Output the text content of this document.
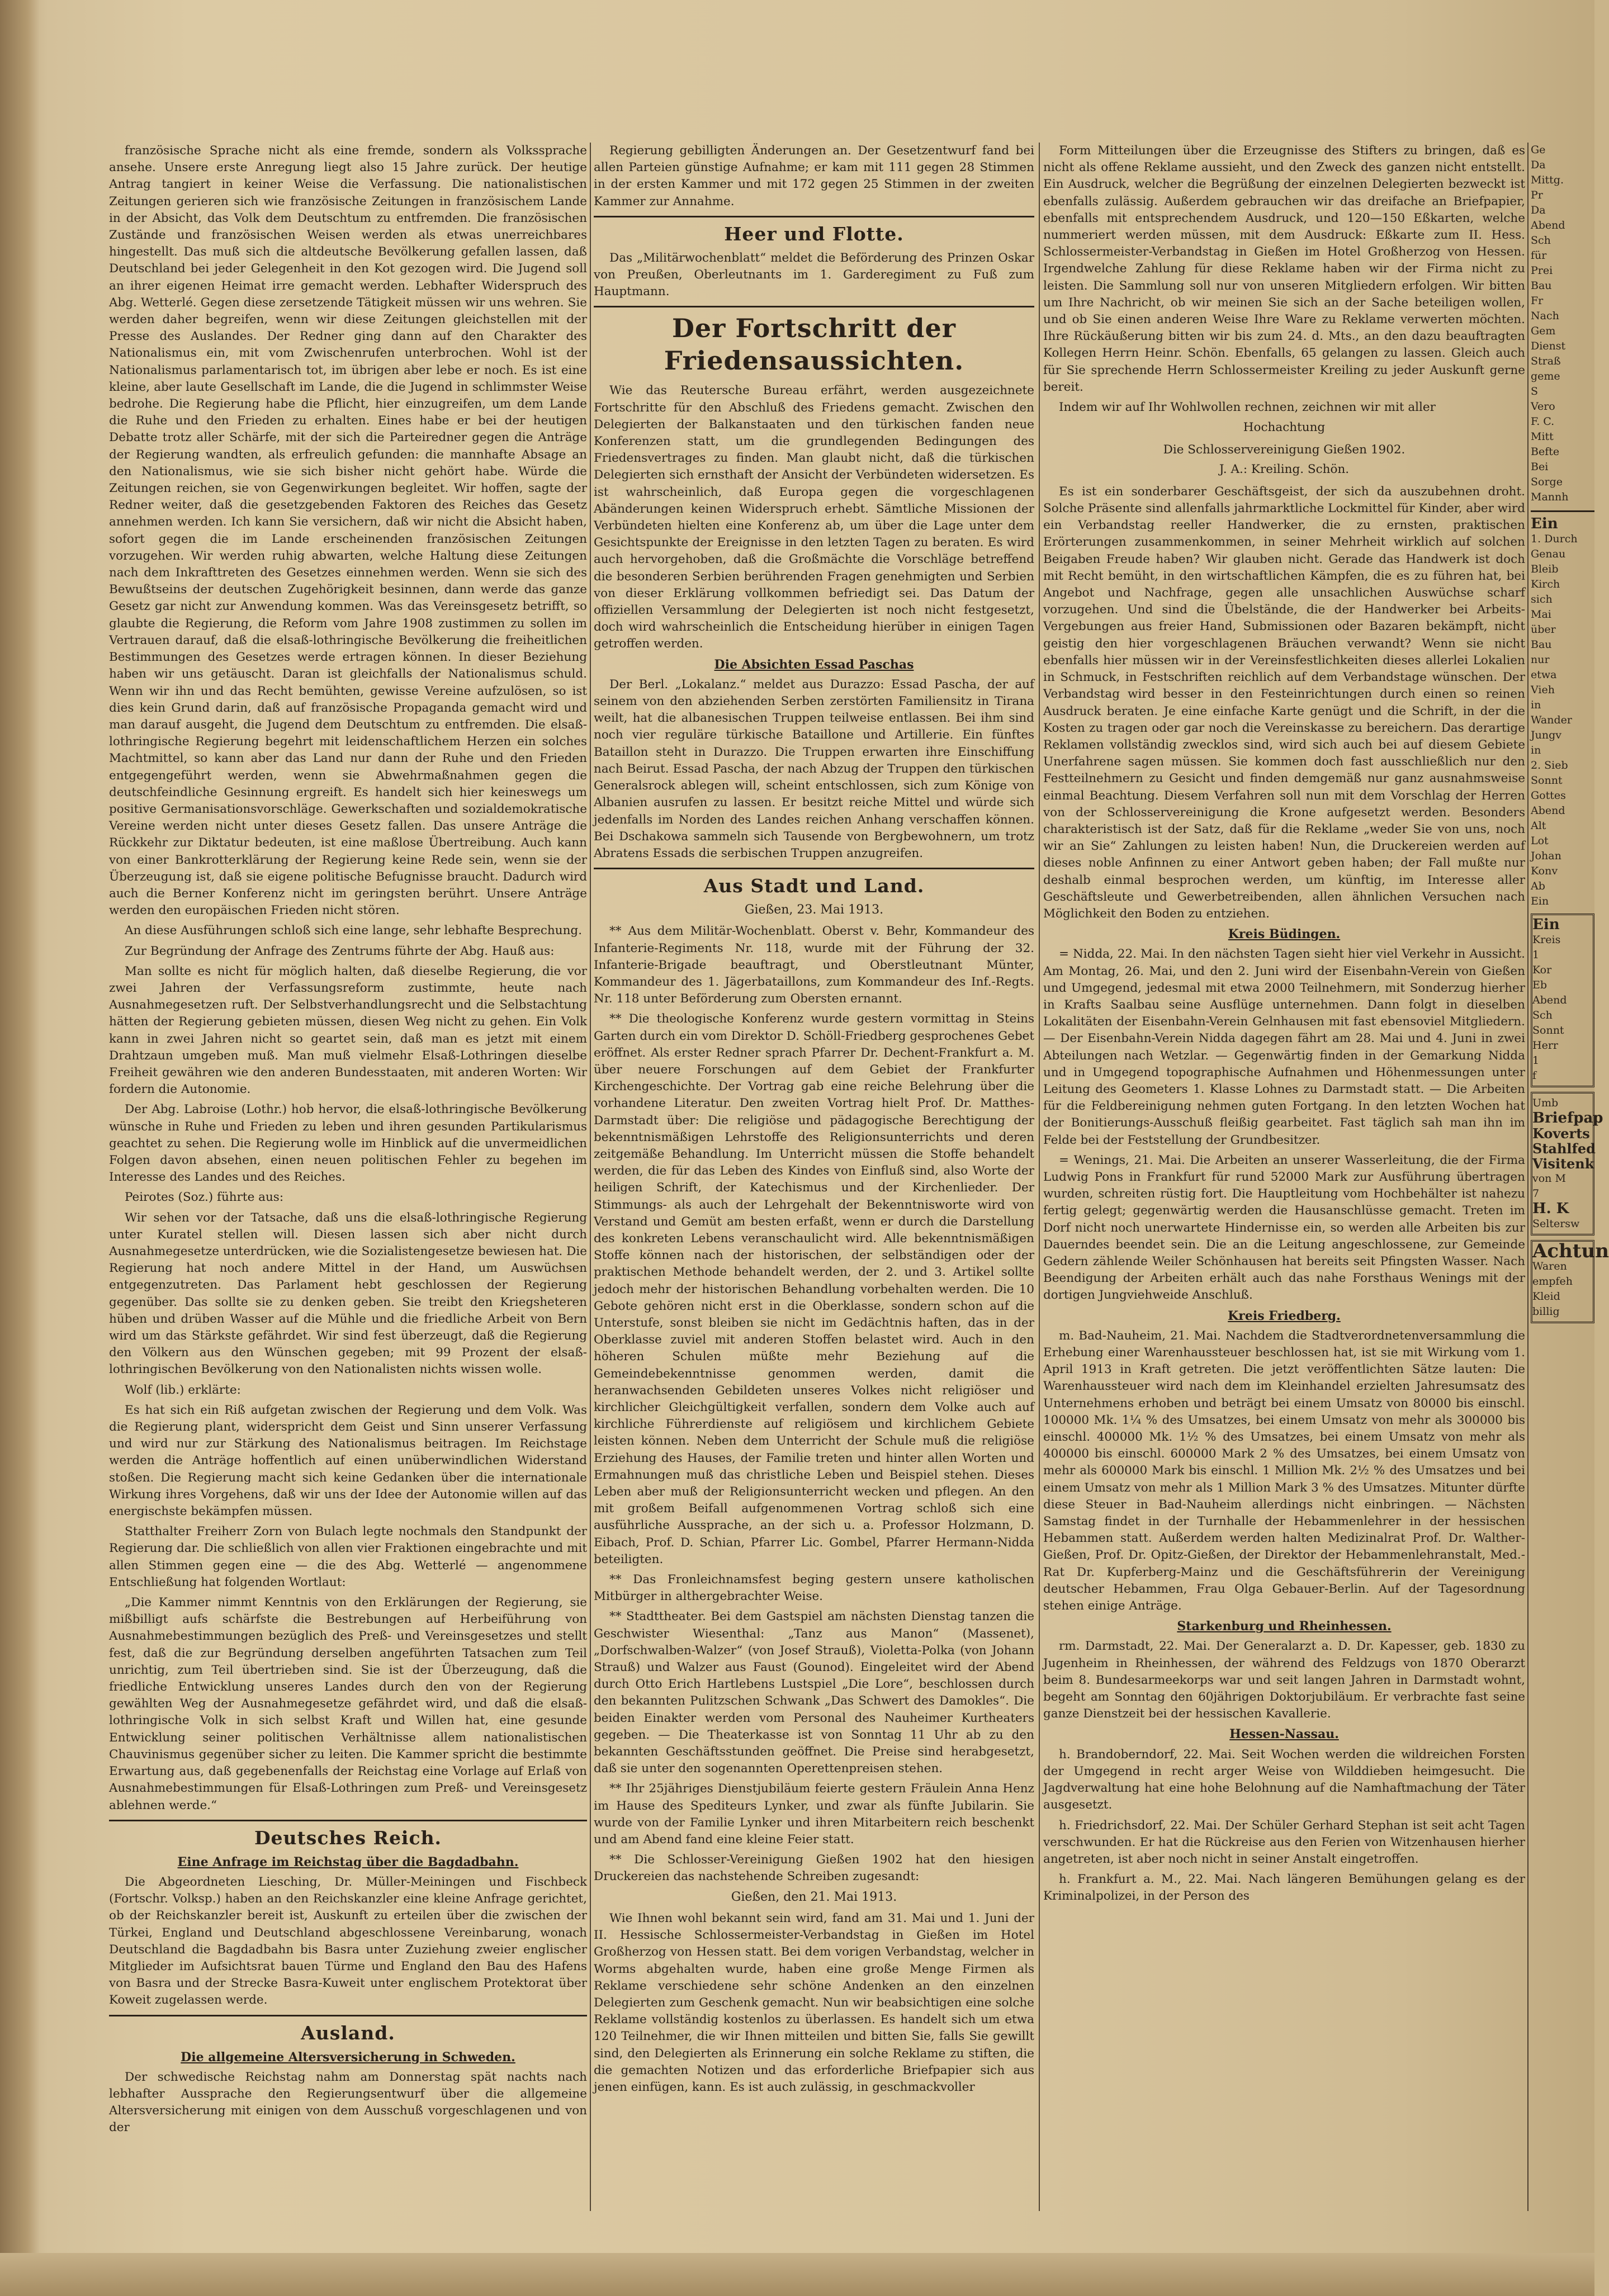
französische Sprache nicht als eine fremde, sondern als Volkssprache ansehe. Unsere erste Anregung liegt also 15 Jahre zurück. Der heutige Antrag tangiert in keiner Weise die Verfassung. Die nationalistischen Zeitungen gerieren sich wie französische Zeitungen in französischem Lande in der Absicht, das Volk dem Deutschtum zu entfremden. Die französischen Zustände und französischen Weisen werden als etwas unerreichbares hingestellt. Das muß sich die altdeutsche Bevölkerung gefallen lassen, daß Deutschland bei jeder Gelegenheit in den Kot gezogen wird. Die Jugend soll an ihrer eigenen Heimat irre gemacht werden. Lebhafter Widerspruch des Abg. Wetterlé. Gegen diese zersetzende Tätigkeit müssen wir uns wehren. Sie werden daher begreifen, wenn wir diese Zeitungen gleichstellen mit der Presse des Auslandes. Der Redner ging dann auf den Charakter des Nationalismus ein, mit vom Zwischenrufen unterbrochen. Wohl ist der Nationalismus parlamentarisch tot, im übrigen aber lebe er noch. Es ist eine kleine, aber laute Gesellschaft im Lande, die die Jugend in schlimmster Weise bedrohe. Die Regierung habe die Pflicht, hier einzugreifen, um dem Lande die Ruhe und den Frieden zu erhalten. Eines habe er bei der heutigen Debatte trotz aller Schärfe, mit der sich die Parteiredner gegen die Anträge der Regierung wandten, als erfreulich gefunden: die mannhafte Absage an den Nationalismus, wie sie sich bisher nicht gehört habe. Würde die Zeitungen reichen, sie von Gegenwirkungen begleitet. Wir hoffen, sagte der Redner weiter, daß die gesetzgebenden Faktoren des Reiches das Gesetz annehmen werden. Ich kann Sie versichern, daß wir nicht die Absicht haben, sofort gegen die im Lande erscheinenden französischen Zeitungen vorzugehen. Wir werden ruhig abwarten, welche Haltung diese Zeitungen nach dem Inkrafttreten des Gesetzes einnehmen werden. Wenn sie sich des Bewußtseins der deutschen Zugehörigkeit besinnen, dann werde das ganze Gesetz gar nicht zur Anwendung kommen. Was das Vereinsgesetz betrifft, so glaubte die Regierung, die Reform vom Jahre 1908 zustimmen zu sollen im Vertrauen darauf, daß die elsaß-lothringische Bevölkerung die freiheitlichen Bestimmungen des Gesetzes werde ertragen können. In dieser Beziehung haben wir uns getäuscht. Daran ist gleichfalls der Nationalismus schuld. Wenn wir ihn und das Recht bemühten, gewisse Vereine aufzulösen, so ist dies kein Grund darin, daß auf französische Propaganda gemacht wird und man darauf ausgeht, die Jugend dem Deutschtum zu entfremden. Die elsaß-lothringische Regierung begehrt mit leidenschaftlichem Herzen ein solches Machtmittel, so kann aber das Land nur dann der Ruhe und den Frieden entgegengeführt werden, wenn sie Abwehrmaßnahmen gegen die deutschfeindliche Gesinnung ergreift. Es handelt sich hier keineswegs um positive Germanisationsvorschläge. Gewerkschaften und sozialdemokratische Vereine werden nicht unter dieses Gesetz fallen. Das unsere Anträge die Rückkehr zur Diktatur bedeuten, ist eine maßlose Übertreibung. Auch kann von einer Bankrotterklärung der Regierung keine Rede sein, wenn sie der Überzeugung ist, daß sie eigene politische Befugnisse braucht. Dadurch wird auch die Berner Konferenz nicht im geringsten berührt. Unsere Anträge werden den europäischen Frieden nicht stören.

An diese Ausführungen schloß sich eine lange, sehr lebhafte Besprechung.

Zur Begründung der Anfrage des Zentrums führte der Abg. Hauß aus:

Man sollte es nicht für möglich halten, daß dieselbe Regierung, die vor zwei Jahren der Verfassungsreform zustimmte, heute nach Ausnahmegesetzen ruft. Der Selbstverhandlungsrecht und die Selbstachtung hätten der Regierung gebieten müssen, diesen Weg nicht zu gehen. Ein Volk kann in zwei Jahren nicht so geartet sein, daß man es jetzt mit einem Drahtzaun umgeben muß. Man muß vielmehr Elsaß-Lothringen dieselbe Freiheit gewähren wie den anderen Bundesstaaten, mit anderen Worten: Wir fordern die Autonomie.

Der Abg. Labroise (Lothr.) hob hervor, die elsaß-lothringische Bevölkerung wünsche in Ruhe und Frieden zu leben und ihren gesunden Partikularismus geachtet zu sehen. Die Regierung wolle im Hinblick auf die unvermeidlichen Folgen davon absehen, einen neuen politischen Fehler zu begehen im Interesse des Landes und des Reiches.

Peirotes (Soz.) führte aus:

Wir sehen vor der Tatsache, daß uns die elsaß-lothringische Regierung unter Kuratel stellen will. Diesen lassen sich aber nicht durch Ausnahmegesetze unterdrücken, wie die Sozialistengesetze bewiesen hat. Die Regierung hat noch andere Mittel in der Hand, um Auswüchsen entgegenzutreten. Das Parlament hebt geschlossen der Regierung gegenüber. Das sollte sie zu denken geben. Sie treibt den Kriegsheteren hüben und drüben Wasser auf die Mühle und die friedliche Arbeit von Bern wird um das Stärkste gefährdet. Wir sind fest überzeugt, daß die Regierung den Völkern aus den Wünschen gegeben; mit 99 Prozent der elsaß-lothringischen Bevölkerung von den Nationalisten nichts wissen wolle.

Wolf (lib.) erklärte:

Es hat sich ein Riß aufgetan zwischen der Regierung und dem Volk. Was die Regierung plant, widerspricht dem Geist und Sinn unserer Verfassung und wird nur zur Stärkung des Nationalismus beitragen. Im Reichstage werden die Anträge hoffentlich auf einen unüberwindlichen Widerstand stoßen. Die Regierung macht sich keine Gedanken über die internationale Wirkung ihres Vorgehens, daß wir uns der Idee der Autonomie willen auf das energischste bekämpfen müssen.

Statthalter Freiherr Zorn von Bulach legte nochmals den Standpunkt der Regierung dar. Die schließlich von allen vier Fraktionen eingebrachte und mit allen Stimmen gegen eine — die des Abg. Wetterlé — angenommene Entschließung hat folgenden Wortlaut:

„Die Kammer nimmt Kenntnis von den Erklärungen der Regierung, sie mißbilligt aufs schärfste die Bestrebungen auf Herbeiführung von Ausnahmebestimmungen bezüglich des Preß- und Vereinsgesetzes und stellt fest, daß die zur Begründung derselben angeführten Tatsachen zum Teil unrichtig, zum Teil übertrieben sind. Sie ist der Überzeugung, daß die friedliche Entwicklung unseres Landes durch den von der Regierung gewählten Weg der Ausnahmegesetze gefährdet wird, und daß die elsaß-lothringische Volk in sich selbst Kraft und Willen hat, eine gesunde Entwicklung seiner politischen Verhältnisse allem nationalistischen Chauvinismus gegenüber sicher zu leiten. Die Kammer spricht die bestimmte Erwartung aus, daß gegebenenfalls der Reichstag eine Vorlage auf Erlaß von Ausnahmebestimmungen für Elsaß-Lothringen zum Preß- und Vereinsgesetz ablehnen werde.“

Deutsches Reich.
Eine Anfrage im Reichstag über die Bagdadbahn.

Die Abgeordneten Liesching, Dr. Müller-Meiningen und Fischbeck (Fortschr. Volksp.) haben an den Reichskanzler eine kleine Anfrage gerichtet, ob der Reichskanzler bereit ist, Auskunft zu erteilen über die zwischen der Türkei, England und Deutschland abgeschlossene Vereinbarung, wonach Deutschland die Bagdadbahn bis Basra unter Zuziehung zweier englischer Mitglieder im Aufsichtsrat bauen Türme und England den Bau des Hafens von Basra und der Strecke Basra-Kuweit unter englischem Protektorat über Koweit zugelassen werde.

Ausland.
Die allgemeine Altersversicherung in Schweden.

Der schwedische Reichstag nahm am Donnerstag spät nachts nach lebhafter Aussprache den Regierungsentwurf über die allgemeine Altersversicherung mit einigen von dem Ausschuß vorgeschlagenen und von der

Regierung gebilligten Änderungen an. Der Gesetzentwurf fand bei allen Parteien günstige Aufnahme; er kam mit 111 gegen 28 Stimmen in der ersten Kammer und mit 172 gegen 25 Stimmen in der zweiten Kammer zur Annahme.

Heer und Flotte.

Das „Militärwochenblatt“ meldet die Beförderung des Prinzen Oskar von Preußen, Oberleutnants im 1. Garderegiment zu Fuß zum Hauptmann.

Der Fortschritt der Friedensaussichten.

Wie das Reutersche Bureau erfährt, werden ausgezeichnete Fortschritte für den Abschluß des Friedens gemacht. Zwischen den Delegierten der Balkanstaaten und den türkischen fanden neue Konferenzen statt, um die grundlegenden Bedingungen des Friedensvertrages zu finden. Man glaubt nicht, daß die türkischen Delegierten sich ernsthaft der Ansicht der Verbündeten widersetzen. Es ist wahrscheinlich, daß Europa gegen die vorgeschlagenen Abänderungen keinen Widerspruch erhebt. Sämtliche Missionen der Verbündeten hielten eine Konferenz ab, um über die Lage unter dem Gesichtspunkte der Ereignisse in den letzten Tagen zu beraten. Es wird auch hervorgehoben, daß die Großmächte die Vorschläge betreffend die besonderen Serbien berührenden Fragen genehmigten und Serbien von dieser Erklärung vollkommen befriedigt sei. Das Datum der offiziellen Versammlung der Delegierten ist noch nicht festgesetzt, doch wird wahrscheinlich die Entscheidung hierüber in einigen Tagen getroffen werden.

Die Absichten Essad Paschas

Der Berl. „Lokalanz.“ meldet aus Durazzo: Essad Pascha, der auf seinem von den abziehenden Serben zerstörten Familiensitz in Tirana weilt, hat die albanesischen Truppen teilweise entlassen. Bei ihm sind noch vier reguläre türkische Bataillone und Artillerie. Ein fünftes Bataillon steht in Durazzo. Die Truppen erwarten ihre Einschiffung nach Beirut. Essad Pascha, der nach Abzug der Truppen den türkischen Generalsrock ablegen will, scheint entschlossen, sich zum Könige von Albanien ausrufen zu lassen. Er besitzt reiche Mittel und würde sich jedenfalls im Norden des Landes reichen Anhang verschaffen können. Bei Dschakowa sammeln sich Tausende von Bergbewohnern, um trotz Abratens Essads die serbischen Truppen anzugreifen.

Aus Stadt und Land.
Gießen, 23. Mai 1913.

** Aus dem Militär-Wochenblatt. Oberst v. Behr, Kommandeur des Infanterie-Regiments Nr. 118, wurde mit der Führung der 32. Infanterie-Brigade beauftragt, und Oberstleutnant Münter, Kommandeur des 1. Jägerbataillons, zum Kommandeur des Inf.-Regts. Nr. 118 unter Beförderung zum Obersten ernannt.

** Die theologische Konferenz wurde gestern vormittag in Steins Garten durch ein vom Direktor D. Schöll-Friedberg gesprochenes Gebet eröffnet. Als erster Redner sprach Pfarrer Dr. Dechent-Frankfurt a. M. über neuere Forschungen auf dem Gebiet der Frankfurter Kirchengeschichte. Der Vortrag gab eine reiche Belehrung über die vorhandene Literatur. Den zweiten Vortrag hielt Prof. Dr. Matthes-Darmstadt über: Die religiöse und pädagogische Berechtigung der bekenntnismäßigen Lehrstoffe des Religionsunterrichts und deren zeitgemäße Behandlung. Im Unterricht müssen die Stoffe behandelt werden, die für das Leben des Kindes von Einfluß sind, also Worte der heiligen Schrift, der Katechismus und der Kirchenlieder. Der Stimmungs- als auch der Lehrgehalt der Bekenntnisworte wird von Verstand und Gemüt am besten erfaßt, wenn er durch die Darstellung des konkreten Lebens veranschaulicht wird. Alle bekenntnismäßigen Stoffe können nach der historischen, der selbständigen oder der praktischen Methode behandelt werden, der 2. und 3. Artikel sollte jedoch mehr der historischen Behandlung vorbehalten werden. Die 10 Gebote gehören nicht erst in die Oberklasse, sondern schon auf die Unterstufe, sonst bleiben sie nicht im Gedächtnis haften, das in der Oberklasse zuviel mit anderen Stoffen belastet wird. Auch in den höheren Schulen müßte mehr Beziehung auf die Gemeindebekenntnisse genommen werden, damit die heranwachsenden Gebildeten unseres Volkes nicht religiöser und kirchlicher Gleichgültigkeit verfallen, sondern dem Volke auch auf kirchliche Führerdienste auf religiösem und kirchlichem Gebiete leisten können. Neben dem Unterricht der Schule muß die religiöse Erziehung des Hauses, der Familie treten und hinter allen Worten und Ermahnungen muß das christliche Leben und Beispiel stehen. Dieses Leben aber muß der Religionsunterricht wecken und pflegen. An den mit großem Beifall aufgenommenen Vortrag schloß sich eine ausführliche Aussprache, an der sich u. a. Professor Holzmann, D. Eibach, Prof. D. Schian, Pfarrer Lic. Gombel, Pfarrer Hermann-Nidda beteiligten.

** Das Fronleichnamsfest beging gestern unsere katholischen Mitbürger in althergebrachter Weise.

** Stadttheater. Bei dem Gastspiel am nächsten Dienstag tanzen die Geschwister Wiesenthal: „Tanz aus Manon“ (Massenet), „Dorfschwalben-Walzer“ (von Josef Strauß), Violetta-Polka (von Johann Strauß) und Walzer aus Faust (Gounod). Eingeleitet wird der Abend durch Otto Erich Hartlebens Lustspiel „Die Lore“, beschlossen durch den bekannten Pulitzschen Schwank „Das Schwert des Damokles“. Die beiden Einakter werden vom Personal des Nauheimer Kurtheaters gegeben. — Die Theaterkasse ist von Sonntag 11 Uhr ab zu den bekannten Geschäftsstunden geöffnet. Die Preise sind herabgesetzt, daß sie unter den sogenannten Operettenpreisen stehen.

** Ihr 25jähriges Dienstjubiläum feierte gestern Fräulein Anna Henz im Hause des Spediteurs Lynker, und zwar als fünfte Jubilarin. Sie wurde von der Familie Lynker und ihren Mitarbeitern reich beschenkt und am Abend fand eine kleine Feier statt.

** Die Schlosser-Vereinigung Gießen 1902 hat den hiesigen Druckereien das nachstehende Schreiben zugesandt:

Gießen, den 21. Mai 1913.

Wie Ihnen wohl bekannt sein wird, fand am 31. Mai und 1. Juni der II. Hessische Schlossermeister-Verbandstag in Gießen im Hotel Großherzog von Hessen statt. Bei dem vorigen Verbandstag, welcher in Worms abgehalten wurde, haben eine große Menge Firmen als Reklame verschiedene sehr schöne Andenken an den einzelnen Delegierten zum Geschenk gemacht. Nun wir beabsichtigen eine solche Reklame vollständig kostenlos zu überlassen. Es handelt sich um etwa 120 Teilnehmer, die wir Ihnen mitteilen und bitten Sie, falls Sie gewillt sind, den Delegierten als Erinnerung ein solche Reklame zu stiften, die die gemachten Notizen und das erforderliche Briefpapier sich aus jenen einfügen, kann. Es ist auch zulässig, in geschmackvoller

Form Mitteilungen über die Erzeugnisse des Stifters zu bringen, daß es nicht als offene Reklame aussieht, und den Zweck des ganzen nicht entstellt. Ein Ausdruck, welcher die Begrüßung der einzelnen Delegierten bezweckt ist ebenfalls zulässig. Außerdem gebrauchen wir das dreifache an Briefpapier, ebenfalls mit entsprechendem Ausdruck, und 120—150 Eßkarten, welche nummeriert werden müssen, mit dem Ausdruck: Eßkarte zum II. Hess. Schlossermeister-Verbandstag in Gießen im Hotel Großherzog von Hessen. Irgendwelche Zahlung für diese Reklame haben wir der Firma nicht zu leisten. Die Sammlung soll nur von unseren Mitgliedern erfolgen. Wir bitten um Ihre Nachricht, ob wir meinen Sie sich an der Sache beteiligen wollen, und ob Sie einen anderen Weise Ihre Ware zu Reklame verwerten möchten. Ihre Rückäußerung bitten wir bis zum 24. d. Mts., an den dazu beauftragten Kollegen Herrn Heinr. Schön. Ebenfalls, 65 gelangen zu lassen. Gleich auch für Sie sprechende Herrn Schlossermeister Kreiling zu jeder Auskunft gerne bereit.

Indem wir auf Ihr Wohlwollen rechnen, zeichnen wir mit aller

Hochachtung
Die Schlosservereinigung Gießen 1902.
J. A.: Kreiling. Schön.

Es ist ein sonderbarer Geschäftsgeist, der sich da auszubehnen droht. Solche Präsente sind allenfalls jahrmarktliche Lockmittel für Kinder, aber wird ein Verbandstag reeller Handwerker, die zu ernsten, praktischen Erörterungen zusammenkommen, in seiner Mehrheit wirklich auf solchen Beigaben Freude haben? Wir glauben nicht. Gerade das Handwerk ist doch mit Recht bemüht, in den wirtschaftlichen Kämpfen, die es zu führen hat, bei Angebot und Nachfrage, gegen alle unsachlichen Auswüchse scharf vorzugehen. Und sind die Übelstände, die der Handwerker bei Arbeits-Vergebungen aus freier Hand, Submissionen oder Bazaren bekämpft, nicht geistig den hier vorgeschlagenen Bräuchen verwandt? Wenn sie nicht ebenfalls hier müssen wir in der Vereinsfestlichkeiten dieses allerlei Lokalien in Schmuck, in Festschriften reichlich auf dem Verbandstage wünschen. Der Verbandstag wird besser in den Festeinrichtungen durch einen so reinen Ausdruck beraten. Je eine einfache Karte genügt und die Schrift, in der die Kosten zu tragen oder gar noch die Vereinskasse zu bereichern. Das derartige Reklamen vollständig zwecklos sind, wird sich auch bei auf diesem Gebiete Unerfahrene sagen müssen. Sie kommen doch fast ausschließlich nur den Festteilnehmern zu Gesicht und finden demgemäß nur ganz ausnahmsweise einmal Beachtung. Diesem Verfahren soll nun mit dem Vorschlag der Herren von der Schlosservereinigung die Krone aufgesetzt werden. Besonders charakteristisch ist der Satz, daß für die Reklame „weder Sie von uns, noch wir an Sie“ Zahlungen zu leisten haben! Nun, die Druckereien werden auf dieses noble Anfinnen zu einer Antwort geben haben; der Fall mußte nur deshalb einmal besprochen werden, um künftig, im Interesse aller Geschäftsleute und Gewerbetreibenden, allen ähnlichen Versuchen nach Möglichkeit den Boden zu entziehen.

Kreis Büdingen.

= Nidda, 22. Mai. In den nächsten Tagen sieht hier viel Verkehr in Aussicht. Am Montag, 26. Mai, und den 2. Juni wird der Eisenbahn-Verein von Gießen und Umgegend, jedesmal mit etwa 2000 Teilnehmern, mit Sonderzug hierher in Krafts Saalbau seine Ausflüge unternehmen. Dann folgt in dieselben Lokalitäten der Eisenbahn-Verein Gelnhausen mit fast ebensoviel Mitgliedern. — Der Eisenbahn-Verein Nidda dagegen fährt am 28. Mai und 4. Juni in zwei Abteilungen nach Wetzlar. — Gegenwärtig finden in der Gemarkung Nidda und in Umgegend topographische Aufnahmen und Höhenmessungen unter Leitung des Geometers 1. Klasse Lohnes zu Darmstadt statt. — Die Arbeiten für die Feldbereinigung nehmen guten Fortgang. In den letzten Wochen hat der Bonitierungs-Ausschuß fleißig gearbeitet. Fast täglich sah man ihn im Felde bei der Feststellung der Grundbesitzer.

= Wenings, 21. Mai. Die Arbeiten an unserer Wasserleitung, die der Firma Ludwig Pons in Frankfurt für rund 52000 Mark zur Ausführung übertragen wurden, schreiten rüstig fort. Die Hauptleitung vom Hochbehälter ist nahezu fertig gelegt; gegenwärtig werden die Hausanschlüsse gemacht. Treten im Dorf nicht noch unerwartete Hindernisse ein, so werden alle Arbeiten bis zur Dauerndes beendet sein. Die an die Leitung angeschlossene, zur Gemeinde Gedern zählende Weiler Schönhausen hat bereits seit Pfingsten Wasser. Nach Beendigung der Arbeiten erhält auch das nahe Forsthaus Wenings mit der dortigen Jungviehweide Anschluß.

Kreis Friedberg.

m. Bad-Nauheim, 21. Mai. Nachdem die Stadtverordnetenversammlung die Erhebung einer Warenhaussteuer beschlossen hat, ist sie mit Wirkung vom 1. April 1913 in Kraft getreten. Die jetzt veröffentlichten Sätze lauten: Die Warenhaussteuer wird nach dem im Kleinhandel erzielten Jahresumsatz des Unternehmens erhoben und beträgt bei einem Umsatz von 80000 bis einschl. 100000 Mk. 1¼ % des Umsatzes, bei einem Umsatz von mehr als 300000 bis einschl. 400000 Mk. 1½ % des Umsatzes, bei einem Umsatz von mehr als 400000 bis einschl. 600000 Mark 2 % des Umsatzes, bei einem Umsatz von mehr als 600000 Mark bis einschl. 1 Million Mk. 2½ % des Umsatzes und bei einem Umsatz von mehr als 1 Million Mark 3 % des Umsatzes. Mitunter dürfte diese Steuer in Bad-Nauheim allerdings nicht einbringen. — Nächsten Samstag findet in der Turnhalle der Hebammenlehrer in der hessischen Hebammen statt. Außerdem werden halten Medizinalrat Prof. Dr. Walther-Gießen, Prof. Dr. Opitz-Gießen, der Direktor der Hebammenlehranstalt, Med.-Rat Dr. Kupferberg-Mainz und die Geschäftsführerin der Vereinigung deutscher Hebammen, Frau Olga Gebauer-Berlin. Auf der Tagesordnung stehen einige Anträge.

Starkenburg und Rheinhessen.

rm. Darmstadt, 22. Mai. Der Generalarzt a. D. Dr. Kapesser, geb. 1830 zu Jugenheim in Rheinhessen, der während des Feldzugs von 1870 Oberarzt beim 8. Bundesarmeekorps war und seit langen Jahren in Darmstadt wohnt, begeht am Sonntag den 60jährigen Doktorjubiläum. Er verbrachte fast seine ganze Dienstzeit bei der hessischen Kavallerie.

Hessen-Nassau.

h. Brandoberndorf, 22. Mai. Seit Wochen werden die wildreichen Forsten der Umgegend in recht arger Weise von Wilddieben heimgesucht. Die Jagdverwaltung hat eine hohe Belohnung auf die Namhaftmachung der Täter ausgesetzt.

h. Friedrichsdorf, 22. Mai. Der Schüler Gerhard Stephan ist seit acht Tagen verschwunden. Er hat die Rückreise aus den Ferien von Witzenhausen hierher angetreten, ist aber noch nicht in seiner Anstalt eingetroffen.

h. Frankfurt a. M., 22. Mai. Nach längeren Bemühungen gelang es der Kriminalpolizei, in der Person des

Ge
Da
Mittg.
Pr
Da
Abend
Sch
für
Prei
Bau
Fr
Nach
Gem
Dienst
Straß
geme
S
Vero
F. C.
Mitt
Befte
Bei
Sorge
Mannh
Ein
1. Durch
Genau
Bleib
Kirch
sich
Mai
über
Bau
nur
etwa
Vieh
in
Wander
Jungv
in
2. Sieb
Sonnt
Gottes
Abend
Alt
Lot
Johan
Konv
Ab
Ein
Ein
Kreis
1
Kor
Eb
Abend
Sch
Sonnt
Herr
1
f
Umb
Briefpap
Koverts
Stahlfed
Visitenk
von M
7
H. K
Seltersw
Achtun
Waren
empfeh
Kleid
billig
